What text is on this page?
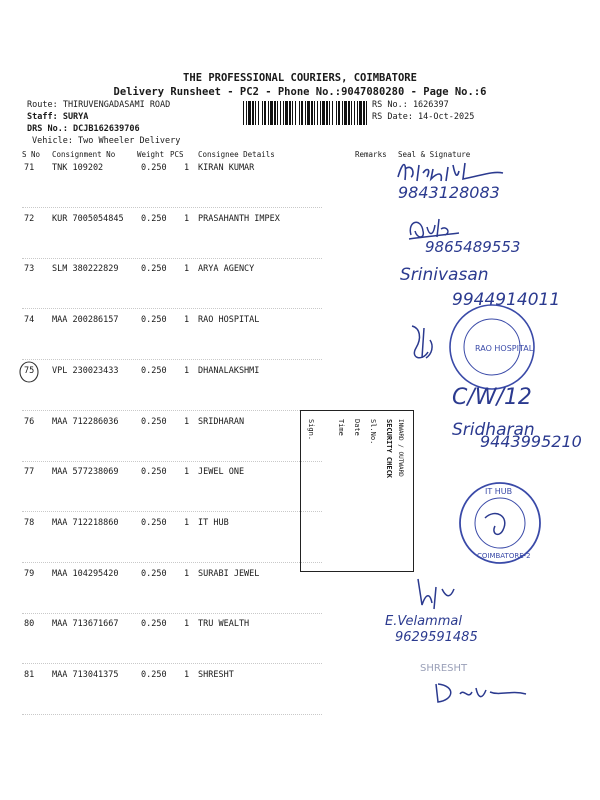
THE PROFESSIONAL COURIERS, COIMBATORE
Delivery Runsheet - PC2 - Phone No.:9047080280 - Page No.:6
Route: THIRUVENGADASAMI ROAD
Staff: SURYA
DRS No.: DCJB162639706
Vehicle: Two Wheeler Delivery
RS No.: 1626397
RS Date: 14-Oct-2025
S No Consignment No	Weight PCS Consignee Details	Remarks Seal & Signature
71 TNK 109202	0.250 1 KIRAN KUMAR
72 KUR 7005054845 0.250 1 PRASAHANTH IMPEX
73 SLM 380222829	0.250 1 ARYA AGENCY
74 MAA 200286157	0.250 1 RAO HOSPITAL
75 VPL 230023433	0.250 1 DHANALAKSHMI
76 MAA 712286036	0.250 1 SRIDHARAN
77 MAA 577238069	0.250 1 JEWEL ONE
78 MAA 712218860	0.250 1 IT HUB
79 MAA 104295420	0.250 1 SURABI JEWEL
80 MAA 713671667	0.250 1 TRU WEALTH
81 MAA 713041375	0.250 1 SHRESHT
9843128083
9865489553
Srinivasan
9944914011
RAO HOSPITAL
C/W/12
Sridharan
9443995210
Sign.	Time Date Sl.No. SECURITY CHECK INWARD / OUTWARD
IT HUB
COIMBATORE-2
E.Velammal
9629591485
SHRESHT
